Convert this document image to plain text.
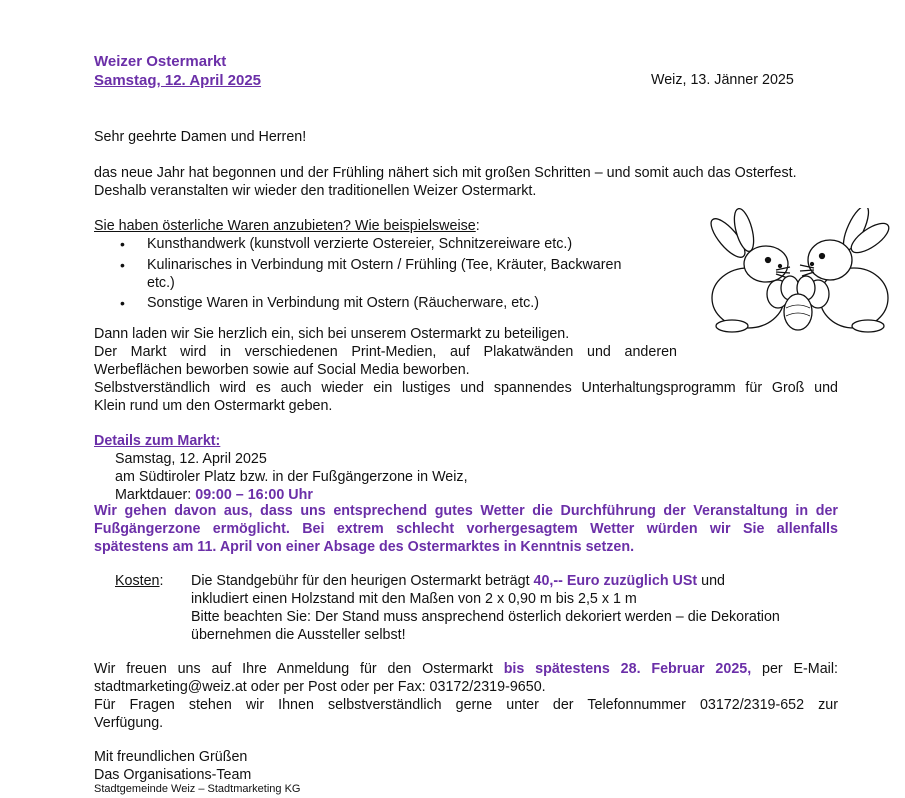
Weizer Ostermarkt
Samstag, 12. April 2025	Weiz, 13. Jänner 2025
Sehr geehrte Damen und Herren!
das neue Jahr hat begonnen und der Frühling nähert sich mit großen Schritten – und somit auch das Osterfest.
Deshalb veranstalten wir wieder den traditionellen Weizer Ostermarkt.
Sie haben österliche Waren anzubieten? Wie beispielsweise:
• Kunsthandwerk (kunstvoll verzierte Ostereier, Schnitzereiware etc.)
• Kulinarisches in Verbindung mit Ostern / Frühling (Tee, Kräuter, Backwaren
etc.)
• Sonstige Waren in Verbindung mit Ostern (Räucherware, etc.)
Dann laden wir Sie herzlich ein, sich bei unserem Ostermarkt zu beteiligen.
Der Markt wird in verschiedenen Print-Medien, auf Plakatwänden und anderen
Werbeflächen beworben sowie auf Social Media beworben.
Selbstverständlich wird es auch wieder ein lustiges und spannendes Unterhaltungsprogramm für Groß und
Klein rund um den Ostermarkt geben.
Details zum Markt:
Samstag, 12. April 2025
am Südtiroler Platz bzw. in der Fußgängerzone in Weiz,
Marktdauer: 09:00 – 16:00 Uhr
Wir gehen davon aus, dass uns entsprechend gutes Wetter die Durchführung der Veranstaltung in der
Fußgängerzone ermöglicht. Bei extrem schlecht vorhergesagtem Wetter würden wir Sie allenfalls
spätestens am 11. April von einer Absage des Ostermarktes in Kenntnis setzen.
Kosten: Die Standgebühr für den heurigen Ostermarkt beträgt 40,-- Euro zuzüglich USt und
inkludiert einen Holzstand mit den Maßen von 2 x 0,90 m bis 2,5 x 1 m
Bitte beachten Sie: Der Stand muss ansprechend österlich dekoriert werden – die Dekoration
übernehmen die Aussteller selbst!
Wir freuen uns auf Ihre Anmeldung für den Ostermarkt bis spätestens 28. Februar 2025, per E-Mail:
stadtmarketing@weiz.at oder per Post oder per Fax: 03172/2319-9650.
Für Fragen stehen wir Ihnen selbstverständlich gerne unter der Telefonnummer 03172/2319-652 zur
Verfügung.
Mit freundlichen Grüßen
Das Organisations-Team
Stadtgemeinde Weiz – Stadtmarketing KG
